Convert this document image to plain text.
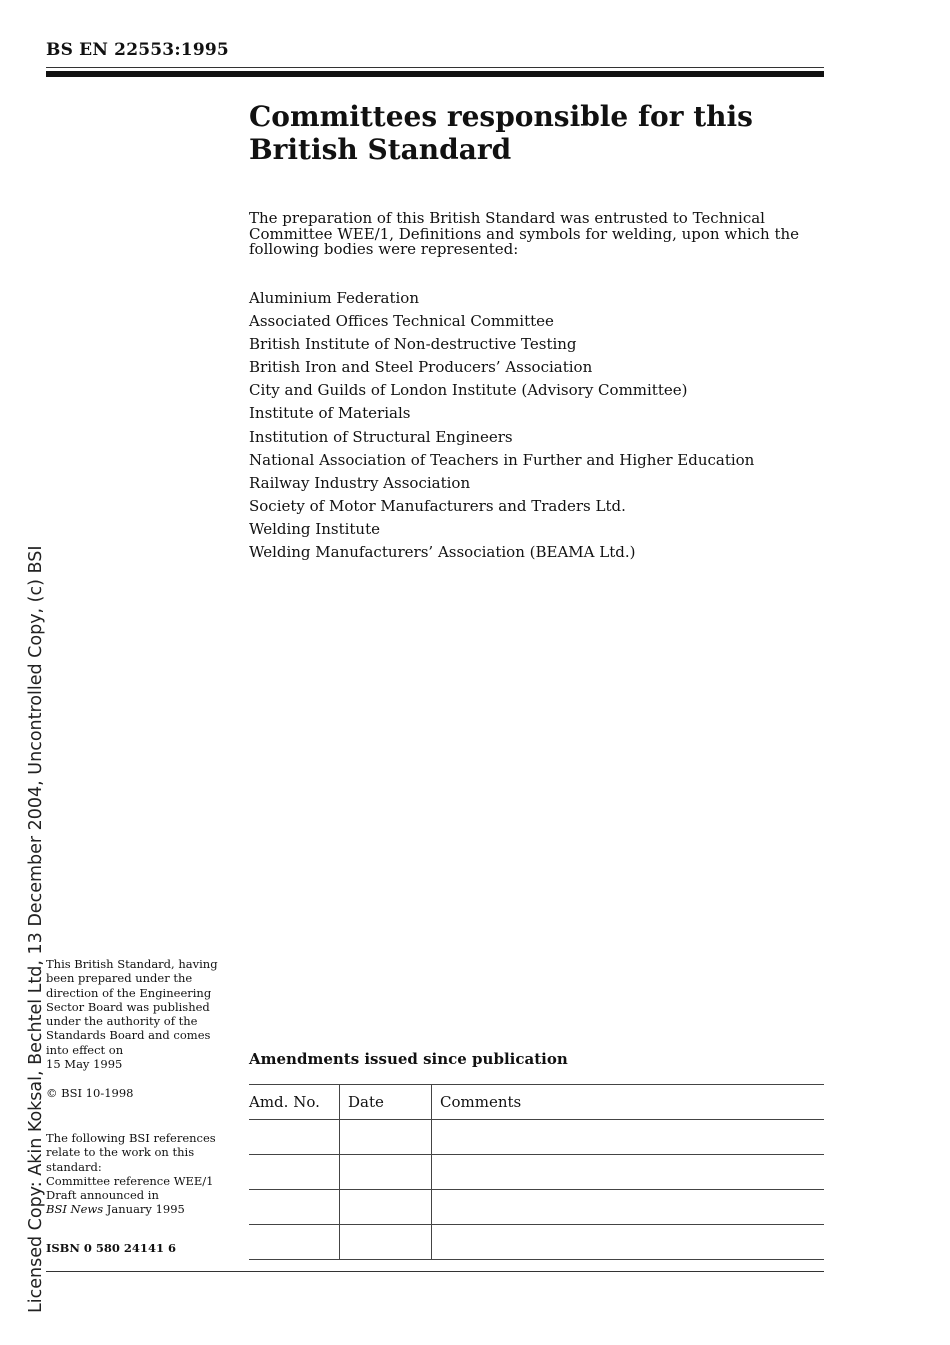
BS EN 22553:1995
Committees responsible for this British Standard

The preparation of this British Standard was entrusted to Technical Committee WEE/1, Definitions and symbols for welding, upon which the following bodies were represented:

Aluminium Federation
Associated Offices Technical Committee
British Institute of Non-destructive Testing
British Iron and Steel Producers’ Association
City and Guilds of London Institute (Advisory Committee)
Institute of Materials
Institution of Structural Engineers
National Association of Teachers in Further and Higher Education
Railway Industry Association
Society of Motor Manufacturers and Traders Ltd.
Welding Institute
Welding Manufacturers’ Association (BEAMA Ltd.)

This British Standard, having been prepared under the direction of the Engineering Sector Board was published under the authority of the Standards Board and comes into effect on

15 May 1995

© BSI 10-1998

The following BSI references relate to the work on this standard:

Committee reference WEE/1

Draft announced in

BSI News January 1995

ISBN 0 580 24141 6
Licensed Copy: Akin Koksal, Bechtel Ltd, 13 December 2004, Uncontrolled Copy, (c) BSI	Amendments issued since publication
Amd. No.	Date	Comments
